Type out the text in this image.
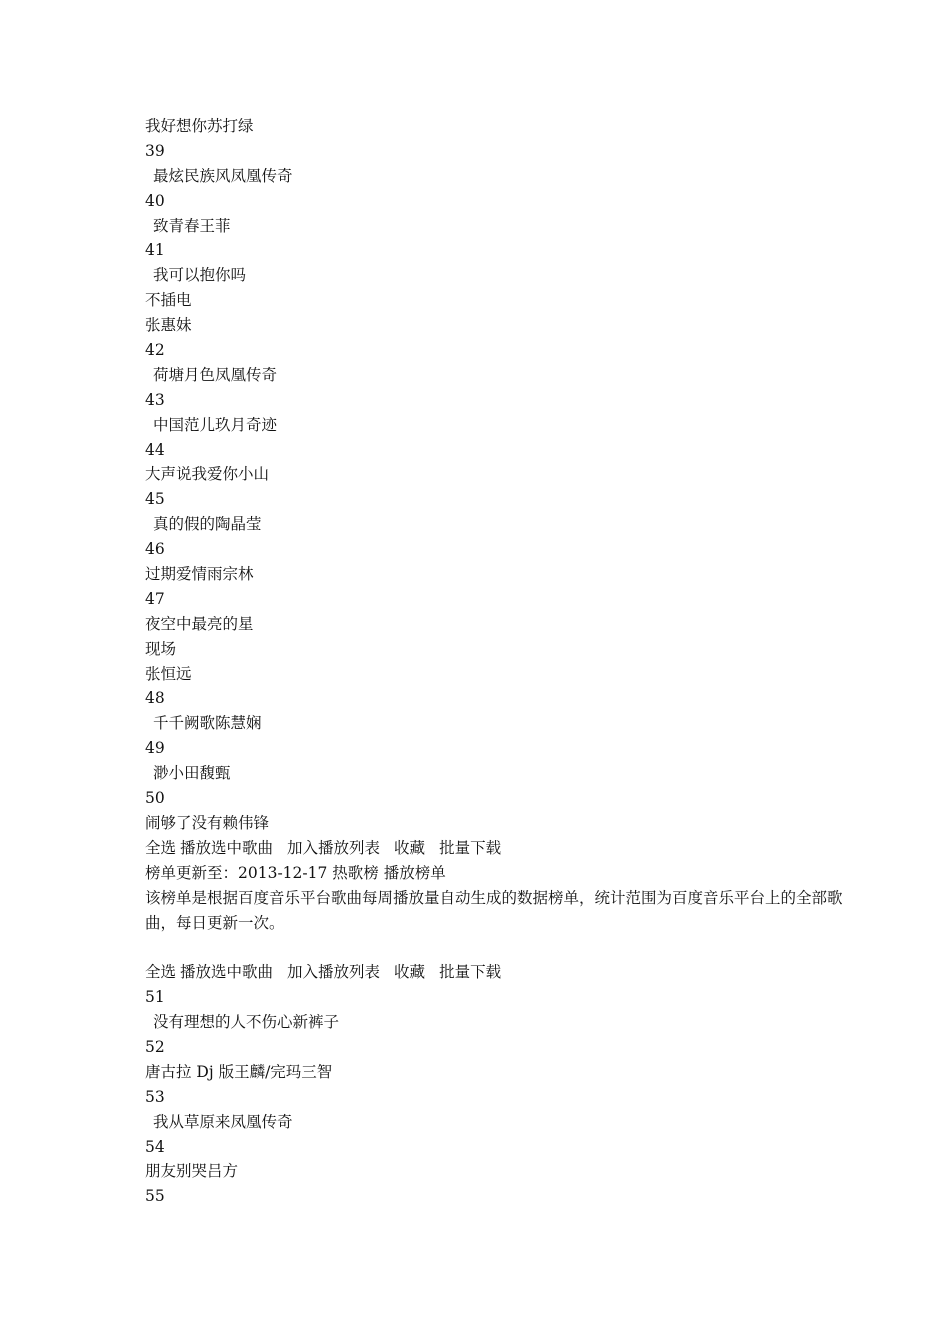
我好想你苏打绿
39
最炫民族风凤凰传奇
40
致青春王菲
41
我可以抱你吗
不插电
张惠妹
42
荷塘月色凤凰传奇
43
中国范儿玖月奇迹
44
大声说我爱你小山
45
真的假的陶晶莹
46
过期爱情雨宗林
47
夜空中最亮的星
现场
张恒远
48
千千阙歌陈慧娴
49
渺小田馥甄
50
闹够了没有赖伟锋
全选 播放选中歌曲 加入播放列表 收藏 批量下载
榜单更新至：2013-12-17 热歌榜 播放榜单
该榜单是根据百度音乐平台歌曲每周播放量自动生成的数据榜单，统计范围为百度音乐平台上的全部歌曲，每日更新一次。
全选 播放选中歌曲 加入播放列表 收藏 批量下载
51
没有理想的人不伤心新裤子
52
唐古拉 Dj 版王麟/完玛三智
53
我从草原来凤凰传奇
54
朋友别哭吕方
55
